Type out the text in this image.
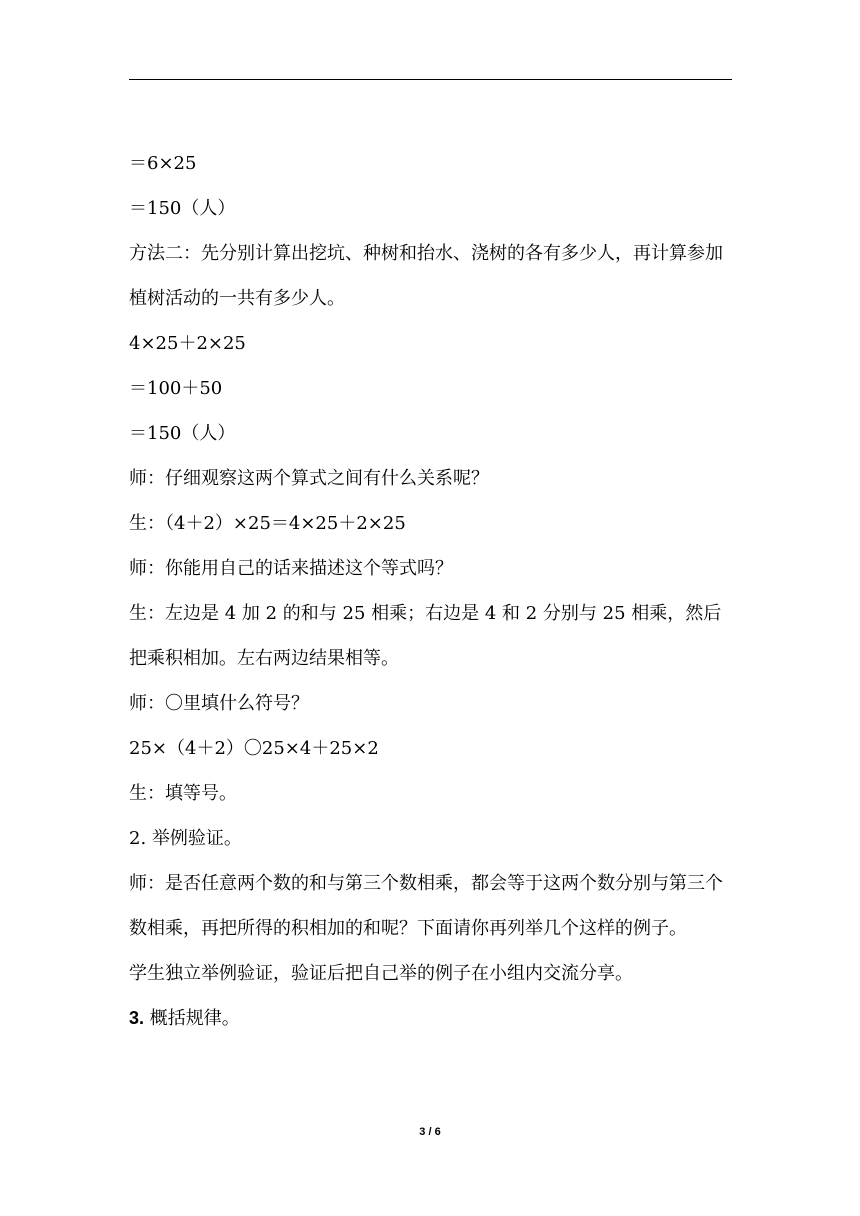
＝6×25

＝150（人）

方法二：先分别计算出挖坑、种树和抬水、浇树的各有多少人，再计算参加植树活动的一共有多少人。

4×25＋2×25

＝100＋50

＝150（人）

师：仔细观察这两个算式之间有什么关系呢？

生：（4＋2）×25＝4×25＋2×25

师：你能用自己的话来描述这个等式吗？

生：左边是 4 加 2 的和与 25 相乘；右边是 4 和 2 分别与 25 相乘，然后把乘积相加。左右两边结果相等。

师：〇里填什么符号？

25×（4＋2）〇25×4＋25×2

生：填等号。

2. 举例验证。

师：是否任意两个数的和与第三个数相乘，都会等于这两个数分别与第三个数相乘，再把所得的积相加的和呢？下面请你再列举几个这样的例子。

学生独立举例验证，验证后把自己举的例子在小组内交流分享。

3. 概括规律。

3 / 6
